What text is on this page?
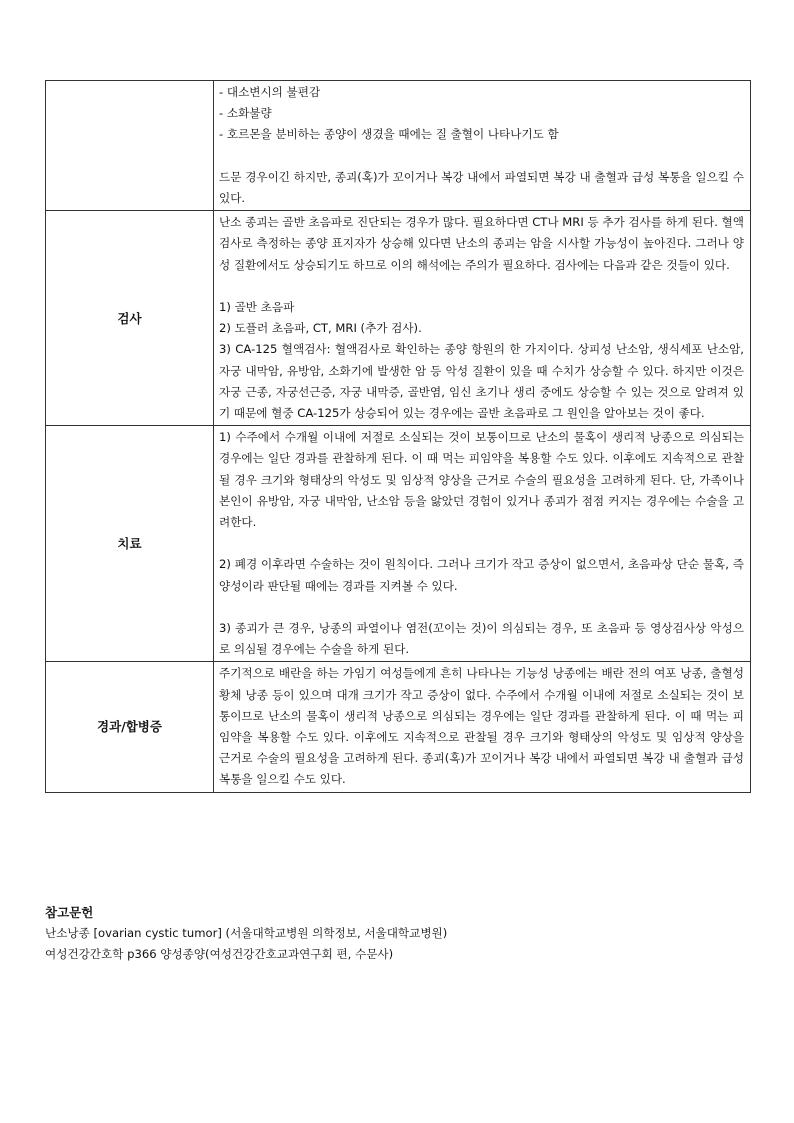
	- 대소변시의 불편감
- 소화불량
- 호르몬을 분비하는 종양이 생겼을 때에는 질 출혈이 나타나기도 함
드문 경우이긴 하지만, 종괴(혹)가 꼬이거나 복강 내에서 파열되면 복강 내 출혈과 급성 복통을 일으킬 수 있다.

검사	난소 종괴는 골반 초음파로 진단되는 경우가 많다. 필요하다면 CT나 MRI 등 추가 검사를 하게 된다. 혈액 검사로 측정하는 종양 표지자가 상승해 있다면 난소의 종괴는 암을 시사할 가능성이 높아진다. 그러나 양성 질환에서도 상승되기도 하므로 이의 해석에는 주의가 필요하다. 검사에는 다음과 같은 것들이 있다.
1) 골반 초음파
2) 도플러 초음파, CT, MRI (추가 검사).
3) CA-125 혈액검사: 혈액검사로 확인하는 종양 항원의 한 가지이다. 상피성 난소암, 생식세포 난소암, 자궁 내막암, 유방암, 소화기에 발생한 암 등 악성 질환이 있을 때 수치가 상승할 수 있다. 하지만 이것은 자궁 근종, 자궁선근증, 자궁 내막증, 골반염, 임신 초기나 생리 중에도 상승할 수 있는 것으로 알려져 있기 때문에 혈중 CA-125가 상승되어 있는 경우에는 골반 초음파로 그 원인을 알아보는 것이 좋다.

치료	1) 수주에서 수개월 이내에 저절로 소실되는 것이 보통이므로 난소의 물혹이 생리적 낭종으로 의심되는 경우에는 일단 경과를 관찰하게 된다. 이 때 먹는 피임약을 복용할 수도 있다. 이후에도 지속적으로 관찰될 경우 크기와 형태상의 악성도 및 임상적 양상을 근거로 수술의 필요성을 고려하게 된다. 단, 가족이나 본인이 유방암, 자궁 내막암, 난소암 등을 앓았던 경험이 있거나 종괴가 점점 커지는 경우에는 수술을 고려한다.
2) 폐경 이후라면 수술하는 것이 원칙이다. 그러나 크기가 작고 증상이 없으면서, 초음파상 단순 물혹, 즉 양성이라 판단될 때에는 경과를 지켜볼 수 있다.
3) 종괴가 큰 경우, 낭종의 파열이나 염전(꼬이는 것)이 의심되는 경우, 또 초음파 등 영상검사상 악성으로 의심될 경우에는 수술을 하게 된다.

경과/합병증	주기적으로 배란을 하는 가임기 여성들에게 흔히 나타나는 기능성 낭종에는 배란 전의 여포 낭종, 출혈성 황체 낭종 등이 있으며 대개 크기가 작고 증상이 없다. 수주에서 수개월 이내에 저절로 소실되는 것이 보통이므로 난소의 물혹이 생리적 낭종으로 의심되는 경우에는 일단 경과를 관찰하게 된다. 이 때 먹는 피임약을 복용할 수도 있다. 이후에도 지속적으로 관찰될 경우 크기와 형태상의 악성도 및 임상적 양상을 근거로 수술의 필요성을 고려하게 된다. 종괴(혹)가 꼬이거나 복강 내에서 파열되면 복강 내 출혈과 급성 복통을 일으킬 수도 있다.
참고문헌
난소낭종 [ovarian cystic tumor] (서울대학교병원 의학정보, 서울대학교병원)
여성건강간호학 p366 양성종양(여성건강간호교과연구회 편, 수문사)
